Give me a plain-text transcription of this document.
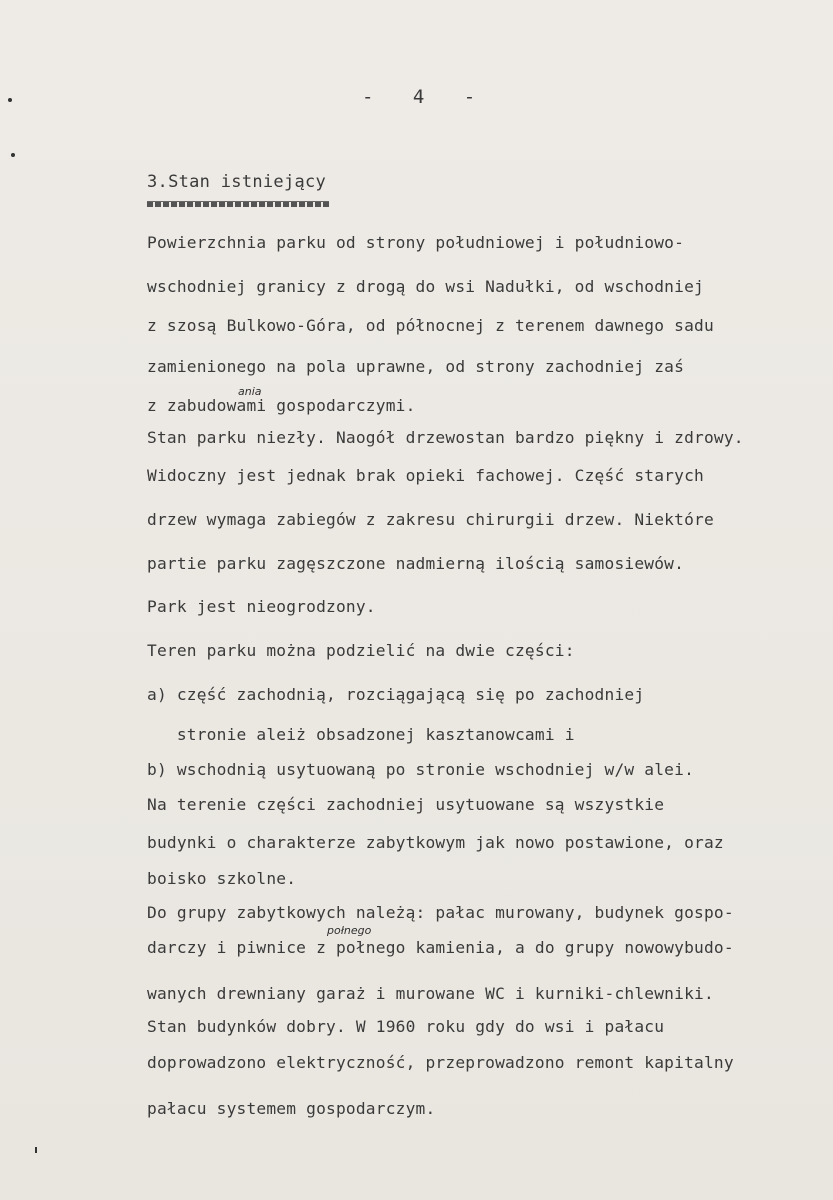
- 4 -
3.Stan istniejący
Powierzchnia parku od strony południowej i południowo-
wschodniej granicy z drogą do wsi Nadułki, od wschodniej
z szosą Bulkowo-Góra, od północnej z terenem dawnego sadu
zamienionego na pola uprawne, od strony zachodniej zaś
z zabudowami gospodarczymi.
Stan parku niezły. Naogół drzewostan bardzo piękny i zdrowy.
Widoczny jest jednak brak opieki fachowej. Część starych
drzew wymaga zabiegów z zakresu chirurgii drzew. Niektóre
partie parku zagęszczone nadmierną ilością samosiewów.
Park jest nieogrodzony.
Teren parku można podzielić na dwie części:
a) część zachodnią, rozciągającą się po zachodniej
stronie aleiż obsadzonej kasztanowcami i
b) wschodnią usytuowaną po stronie wschodniej w/w alei.
Na terenie części zachodniej usytuowane są wszystkie
budynki o charakterze zabytkowym jak nowo postawione, oraz
boisko szkolne.
Do grupy zabytkowych należą: pałac murowany, budynek gospo-
darczy i piwnice z połnego kamienia, a do grupy nowowybudo-
wanych drewniany garaż i murowane WC i kurniki-chlewniki.
Stan budynków dobry. W 1960 roku gdy do wsi i pałacu
doprowadzono elektryczność, przeprowadzono remont kapitalny
pałacu systemem gospodarczym.
ania
połnego
